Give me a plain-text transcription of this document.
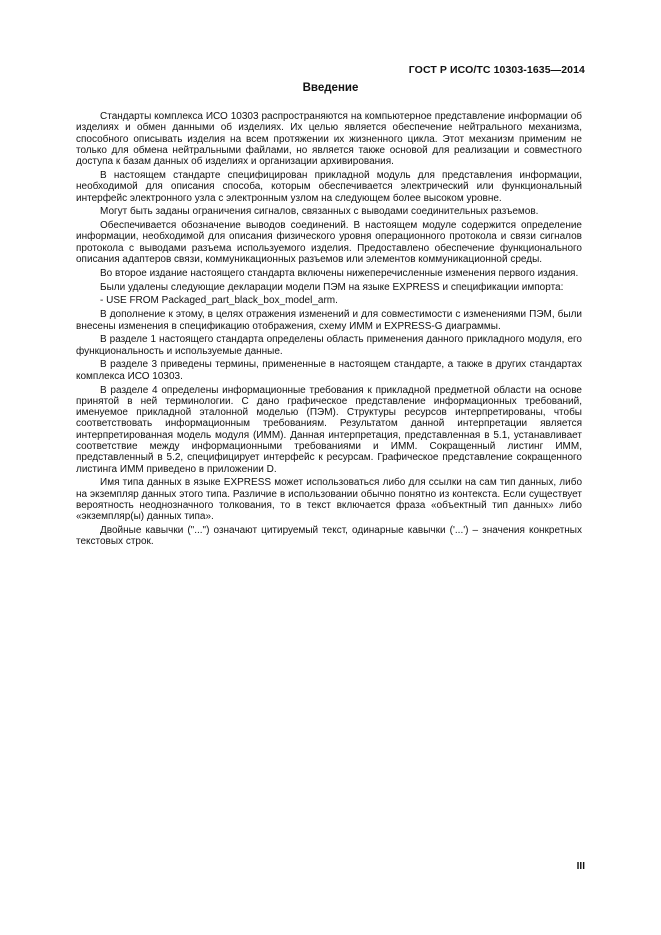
ГОСТ Р ИСО/ТС 10303-1635—2014
Введение

Стандарты комплекса ИСО 10303 распространяются на компьютерное представление информации об изделиях и обмен данными об изделиях. Их целью является обеспечение нейтрального механизма, способного описывать изделия на всем протяжении их жизненного цикла. Этот механизм применим не только для обмена нейтральными файлами, но является также основой для реализации и совместного доступа к базам данных об изделиях и организации архивирования.

В настоящем стандарте специфицирован прикладной модуль для представления информации, необходимой для описания способа, которым обеспечивается электрический или функциональный интерфейс электронного узла с электронным узлом на следующем более высоком уровне.

Могут быть заданы ограничения сигналов, связанных с выводами соединительных разъемов.

Обеспечивается обозначение выводов соединений. В настоящем модуле содержится определение информации, необходимой для описания физического уровня операционного протокола и связи сигналов протокола с выводами разъема используемого изделия. Предоставлено обеспечение функционального описания адаптеров связи, коммуникационных разъемов или элементов коммуникационной среды.

Во второе издание настоящего стандарта включены нижеперечисленные изменения первого издания.

Были удалены следующие декларации модели ПЭМ на языке EXPRESS и спецификации импорта:

- USE FROM Packaged_part_black_box_model_arm.

В дополнение к этому, в целях отражения изменений и для совместимости с изменениями ПЭМ, были внесены изменения в спецификацию отображения, схему ИММ и EXPRESS-G диаграммы.

В разделе 1 настоящего стандарта определены область применения данного прикладного модуля, его функциональность и используемые данные.

В разделе 3 приведены термины, примененные в настоящем стандарте, а также в других стандартах комплекса ИСО 10303.

В разделе 4 определены информационные требования к прикладной предметной области на основе принятой в ней терминологии. С дано графическое представление информационных требований, именуемое прикладной эталонной моделью (ПЭМ). Структуры ресурсов интерпретированы, чтобы соответствовать информационным требованиям. Результатом данной интерпретации является интерпретированная модель модуля (ИММ). Данная интерпретация, представленная в 5.1, устанавливает соответствие между информационными требованиями и ИММ. Сокращенный листинг ИММ, представленный в 5.2, специфицирует интерфейс к ресурсам. Графическое представление сокращенного листинга ИММ приведено в приложении D.

Имя типа данных в языке EXPRESS может использоваться либо для ссылки на сам тип данных, либо на экземпляр данных этого типа. Различие в использовании обычно понятно из контекста. Если существует вероятность неоднозначного толкования, то в текст включается фраза «объектный тип данных» либо «экземпляр(ы) данных типа».

Двойные кавычки ("...") означают цитируемый текст, одинарные кавычки ('...') – значения конкретных текстовых строк.

III
